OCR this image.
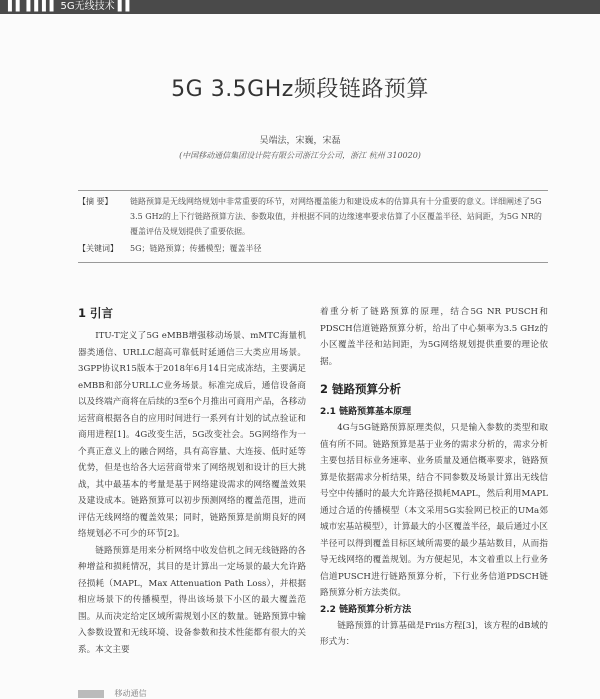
▌▌ ▌▌▌▌ 5G无线技术 ▌▌
5G 3.5GHz频段链路预算
吴端法，宋巍，宋磊
(中国移动通信集团设计院有限公司浙江分公司，浙江 杭州 310020)
【摘 要】	链路预算是无线网络规划中非常重要的环节，对网络覆盖能力和建设成本的估算具有十分重要的意义。详细阐述了5G 3.5 GHz的上下行链路预算方法、参数取值，并根据不同的边缘速率要求估算了小区覆盖半径、站间距，为5G NR的覆盖评估及规划提供了重要依据。
【关键词】	5G；链路预算；传播模型；覆盖半径
1 引言

ITU-T定义了5G eMBB增强移动场景、mMTC海量机器类通信、URLLC超高可靠低时延通信三大类应用场景。3GPP协议R15版本于2018年6月14日完成冻结，主要满足eMBB和部分URLLC业务场景。标准完成后，通信设备商以及终端产商将在后续的3至6个月推出可商用产品，各移动运营商根据各自的应用时间进行一系列有计划的试点验证和商用进程[1]。4G改变生活，5G改变社会。5G网络作为一个真正意义上的融合网络，具有高容量、大连接、低时延等优势，但是也给各大运营商带来了网络规划和设计的巨大挑战，其中最基本的考量是基于网络建设需求的网络覆盖效果及建设成本。链路预算可以初步预测网络的覆盖范围，进而评估无线网络的覆盖效果；同时，链路预算是前期良好的网络规划必不可少的环节[2]。

链路预算是用来分析网络中收发信机之间无线链路的各种增益和损耗情况，其目的是计算出一定场景的最大允许路径损耗（MAPL，Max Attenuation Path Loss），并根据相应场景下的传播模型，得出该场景下小区的最大覆盖范围。从而决定给定区域所需规划小区的数量。链路预算中输入参数设置和无线环境、设备参数和技术性能都有很大的关系。本文主要

着重分析了链路预算的原理，结合5G NR PUSCH和PDSCH信道链路预算分析，给出了中心频率为3.5 GHz的小区覆盖半径和站间距，为5G网络规划提供重要的理论依据。

2 链路预算分析
2.1 链路预算基本原理

4G与5G链路预算原理类似，只是输入参数的类型和取值有所不同。链路预算是基于业务的需求分析的，需求分析主要包括目标业务速率、业务质量及通信概率要求，链路预算是依据需求分析结果，结合不同参数及场景计算出无线信号空中传播时的最大允许路径损耗MAPL，然后利用MAPL通过合适的传播模型（本文采用5G实验网已校正的UMa郊城市宏基站模型），计算最大的小区覆盖半径，最后通过小区半径可以得到覆盖目标区域所需要的最少基站数目，从而指导无线网络的覆盖规划。为方便起见，本文着重以上行业务信道PUSCH进行链路预算分析，下行业务信道PDSCH链路预算分析方法类似。

2.2 链路预算分析方法

链路预算的计算基础是Friis方程[3]，该方程的dB域的形式为：

移动通信
